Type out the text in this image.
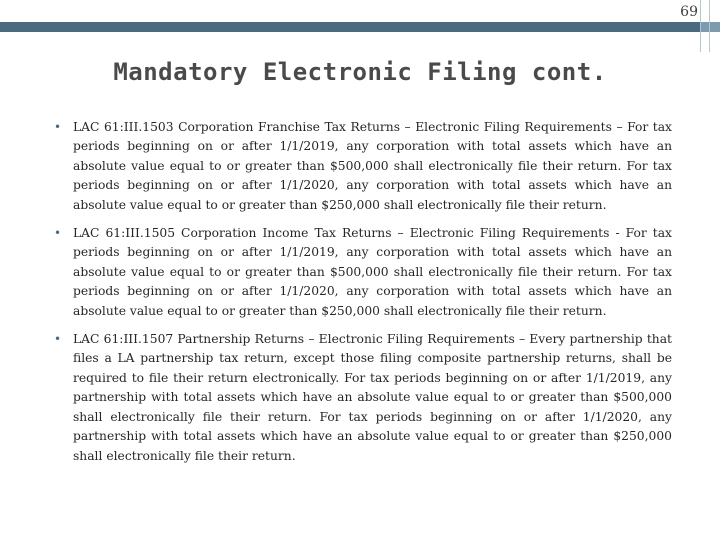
69
Mandatory Electronic Filing cont.
• LAC 61:III.1503 Corporation Franchise Tax Returns – Electronic Filing Requirements – For tax periods beginning on or after 1/1/2019, any corporation with total assets which have an absolute value equal to or greater than $500,000 shall electronically file their return. For tax periods beginning on or after 1/1/2020, any corporation with total assets which have an absolute value equal to or greater than $250,000 shall electronically file their return.
• LAC 61:III.1505 Corporation Income Tax Returns – Electronic Filing Requirements - For tax periods beginning on or after 1/1/2019, any corporation with total assets which have an absolute value equal to or greater than $500,000 shall electronically file their return. For tax periods beginning on or after 1/1/2020, any corporation with total assets which have an absolute value equal to or greater than $250,000 shall electronically file their return.
• LAC 61:III.1507 Partnership Returns – Electronic Filing Requirements – Every partnership that files a LA partnership tax return, except those filing composite partnership returns, shall be required to file their return electronically. For tax periods beginning on or after 1/1/2019, any partnership with total assets which have an absolute value equal to or greater than $500,000 shall electronically file their return. For tax periods beginning on or after 1/1/2020, any partnership with total assets which have an absolute value equal to or greater than $250,000 shall electronically file their return.
